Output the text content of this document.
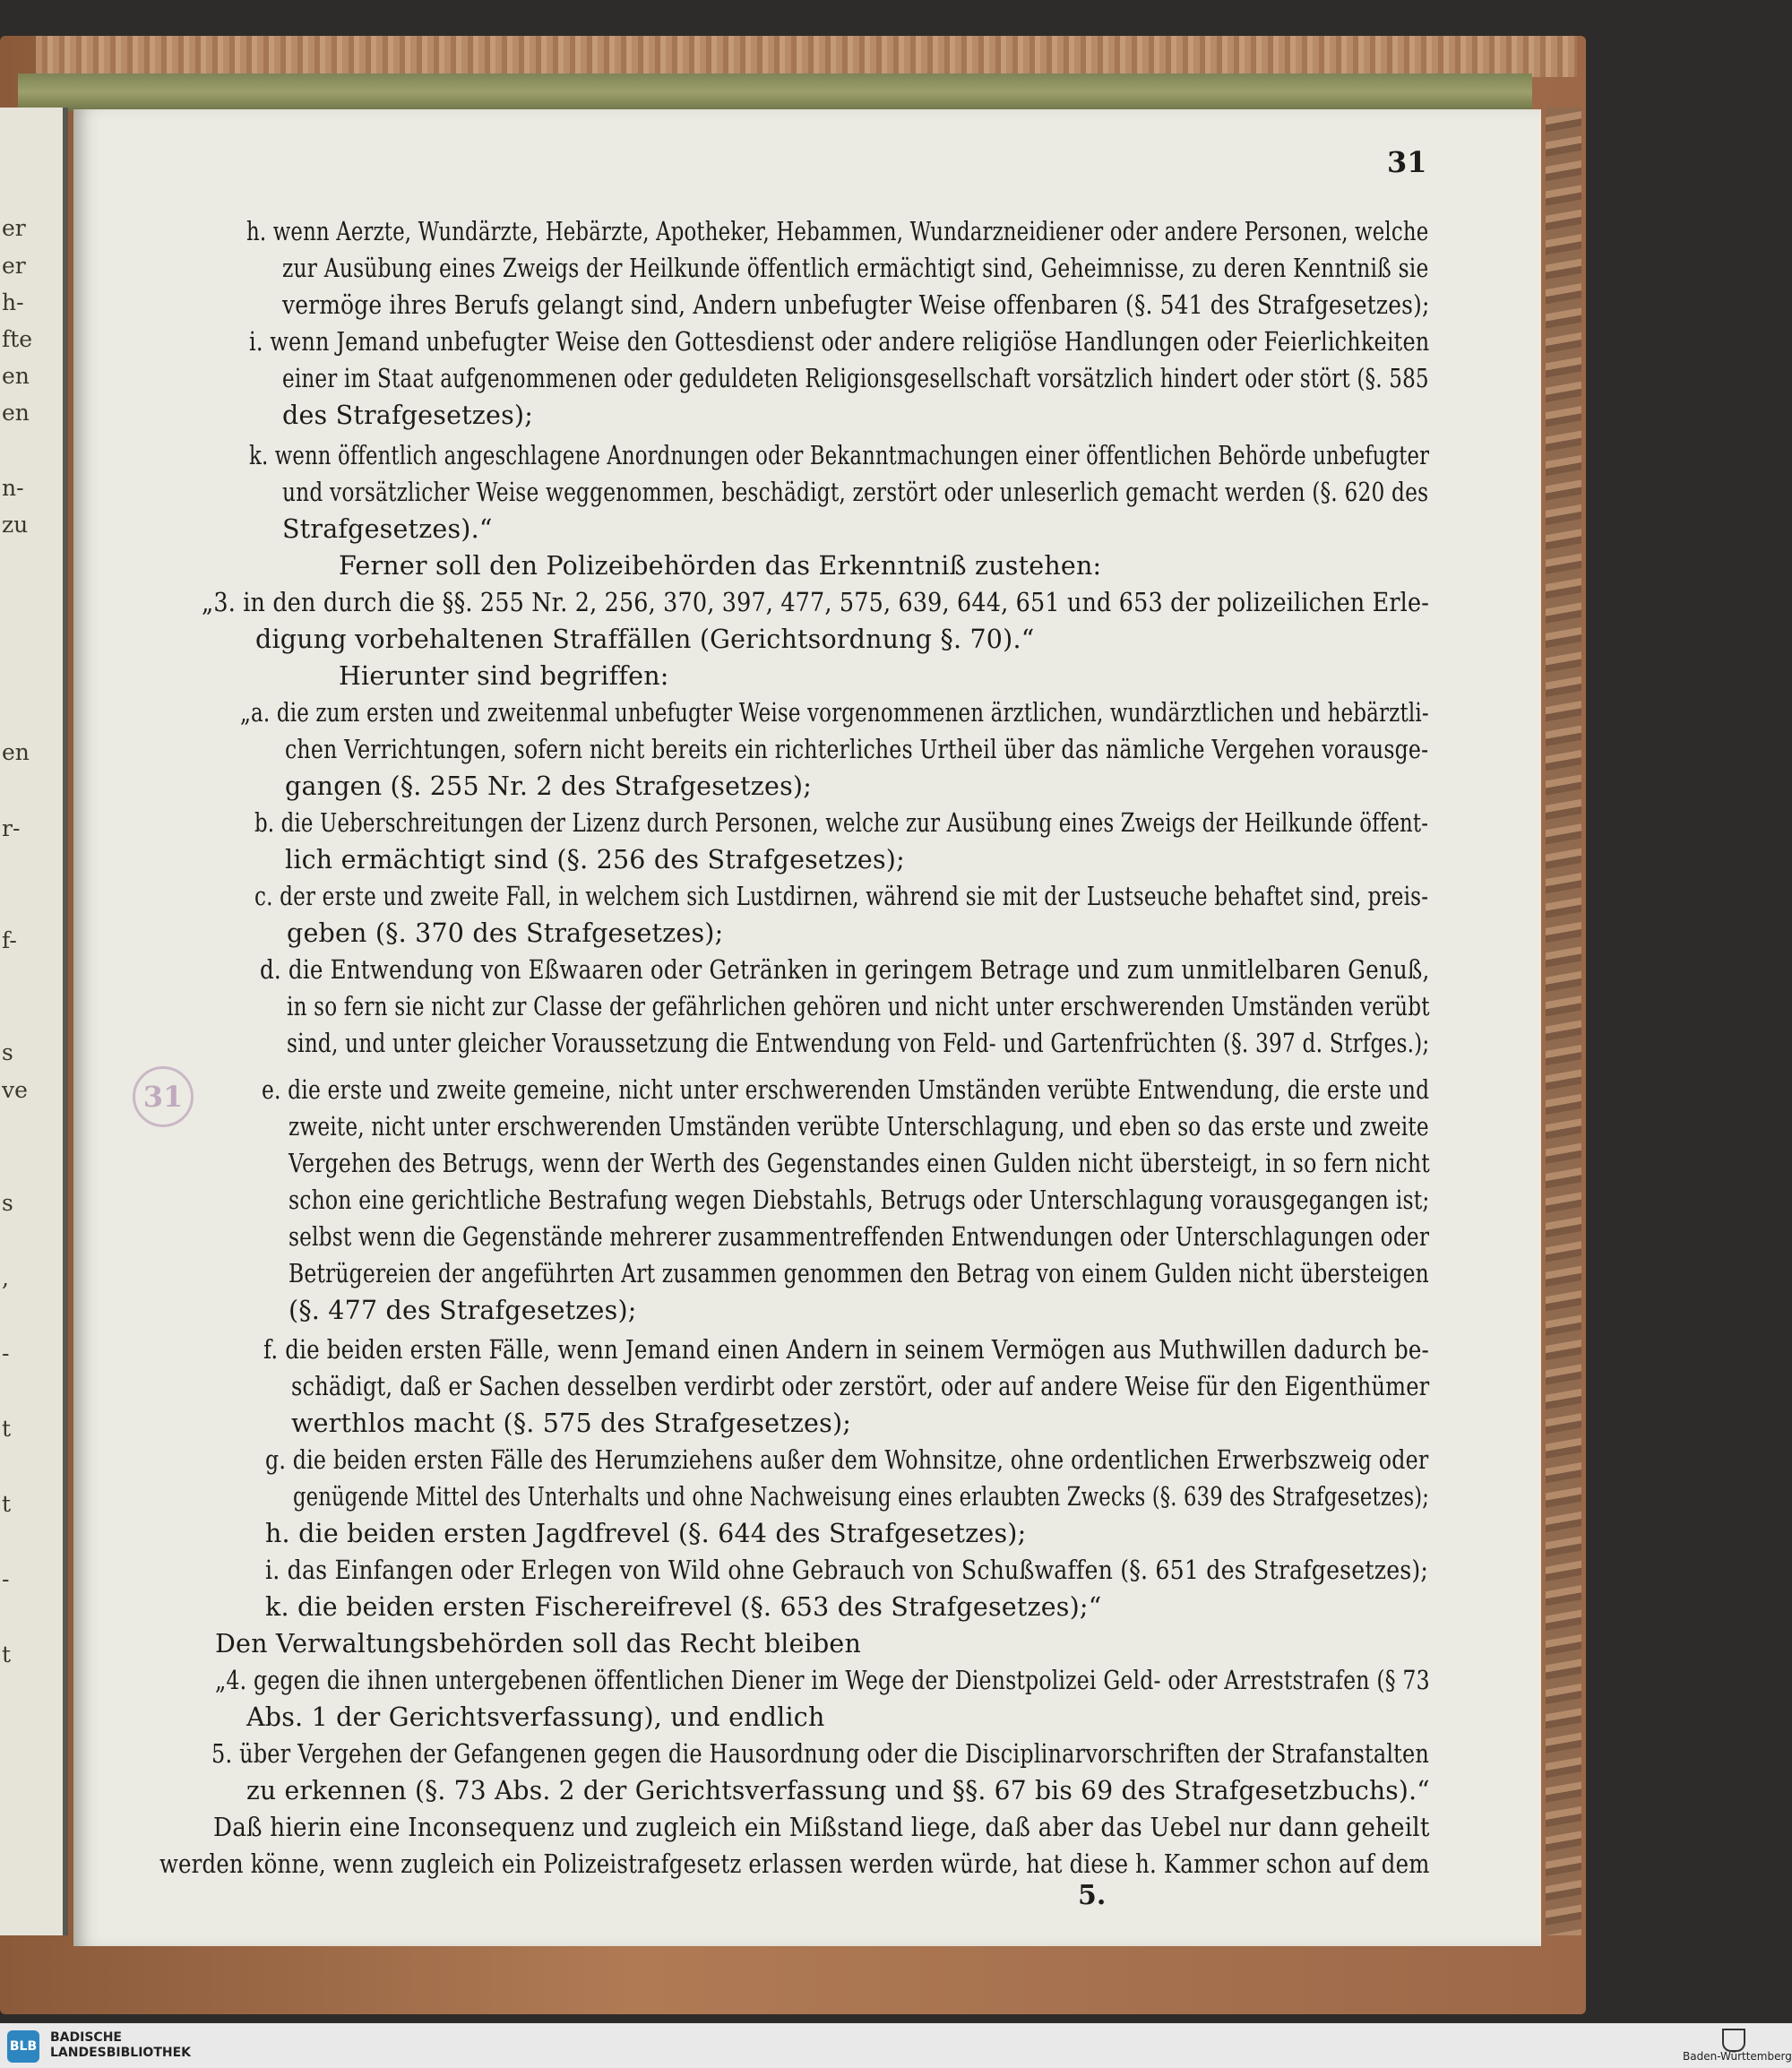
er
er
h-
fte
en
en
n-
zu
en
r-
f-
s
ve
s
,
-
t
t
-
t
31
31
h. wenn Aerzte, Wundärzte, Hebärzte, Apotheker, Hebammen, Wundarzneidiener oder andere Personen, welche
zur Ausübung eines Zweigs der Heilkunde öffentlich ermächtigt sind, Geheimnisse, zu deren Kenntniß sie
vermöge ihres Berufs gelangt sind, Andern unbefugter Weise offenbaren (§. 541 des Strafgesetzes);
i. wenn Jemand unbefugter Weise den Gottesdienst oder andere religiöse Handlungen oder Feierlichkeiten
einer im Staat aufgenommenen oder geduldeten Religionsgesellschaft vorsätzlich hindert oder stört (§. 585
des Strafgesetzes);
k. wenn öffentlich angeschlagene Anordnungen oder Bekanntmachungen einer öffentlichen Behörde unbefugter
und vorsätzlicher Weise weggenommen, beschädigt, zerstört oder unleserlich gemacht werden (§. 620 des
Strafgesetzes).“
Ferner soll den Polizeibehörden das Erkenntniß zustehen:
„3. in den durch die §§. 255 Nr. 2, 256, 370, 397, 477, 575, 639, 644, 651 und 653 der polizeilichen Erle-
digung vorbehaltenen Straffällen (Gerichtsordnung §. 70).“
Hierunter sind begriffen:
„a. die zum ersten und zweitenmal unbefugter Weise vorgenommenen ärztlichen, wundärztlichen und hebärztli-
chen Verrichtungen, sofern nicht bereits ein richterliches Urtheil über das nämliche Vergehen vorausge-
gangen (§. 255 Nr. 2 des Strafgesetzes);
b. die Ueberschreitungen der Lizenz durch Personen, welche zur Ausübung eines Zweigs der Heilkunde öffent-
lich ermächtigt sind (§. 256 des Strafgesetzes);
c. der erste und zweite Fall, in welchem sich Lustdirnen, während sie mit der Lustseuche behaftet sind, preis-
geben (§. 370 des Strafgesetzes);
d. die Entwendung von Eßwaaren oder Getränken in geringem Betrage und zum unmitlelbaren Genuß,
in so fern sie nicht zur Classe der gefährlichen gehören und nicht unter erschwerenden Umständen verübt
sind, und unter gleicher Voraussetzung die Entwendung von Feld- und Gartenfrüchten (§. 397 d. Strfges.);
e. die erste und zweite gemeine, nicht unter erschwerenden Umständen verübte Entwendung, die erste und
zweite, nicht unter erschwerenden Umständen verübte Unterschlagung, und eben so das erste und zweite
Vergehen des Betrugs, wenn der Werth des Gegenstandes einen Gulden nicht übersteigt, in so fern nicht
schon eine gerichtliche Bestrafung wegen Diebstahls, Betrugs oder Unterschlagung vorausgegangen ist;
selbst wenn die Gegenstände mehrerer zusammentreffenden Entwendungen oder Unterschlagungen oder
Betrügereien der angeführten Art zusammen genommen den Betrag von einem Gulden nicht übersteigen
(§. 477 des Strafgesetzes);
f. die beiden ersten Fälle, wenn Jemand einen Andern in seinem Vermögen aus Muthwillen dadurch be-
schädigt, daß er Sachen desselben verdirbt oder zerstört, oder auf andere Weise für den Eigenthümer
werthlos macht (§. 575 des Strafgesetzes);
g. die beiden ersten Fälle des Herumziehens außer dem Wohnsitze, ohne ordentlichen Erwerbszweig oder
genügende Mittel des Unterhalts und ohne Nachweisung eines erlaubten Zwecks (§. 639 des Strafgesetzes);
h. die beiden ersten Jagdfrevel (§. 644 des Strafgesetzes);
i. das Einfangen oder Erlegen von Wild ohne Gebrauch von Schußwaffen (§. 651 des Strafgesetzes);
k. die beiden ersten Fischereifrevel (§. 653 des Strafgesetzes);“
Den Verwaltungsbehörden soll das Recht bleiben
„4. gegen die ihnen untergebenen öffentlichen Diener im Wege der Dienstpolizei Geld- oder Arreststrafen (§ 73
Abs. 1 der Gerichtsverfassung), und endlich
5. über Vergehen der Gefangenen gegen die Hausordnung oder die Disciplinarvorschriften der Strafanstalten
zu erkennen (§. 73 Abs. 2 der Gerichtsverfassung und §§. 67 bis 69 des Strafgesetzbuchs).“
Daß hierin eine Inconsequenz und zugleich ein Mißstand liege, daß aber das Uebel nur dann geheilt
werden könne, wenn zugleich ein Polizeistrafgesetz erlassen werden würde, hat diese h. Kammer schon auf dem
5.
BLB
BADISCHE
LANDESBIBLIOTHEK	Baden-Württemberg
